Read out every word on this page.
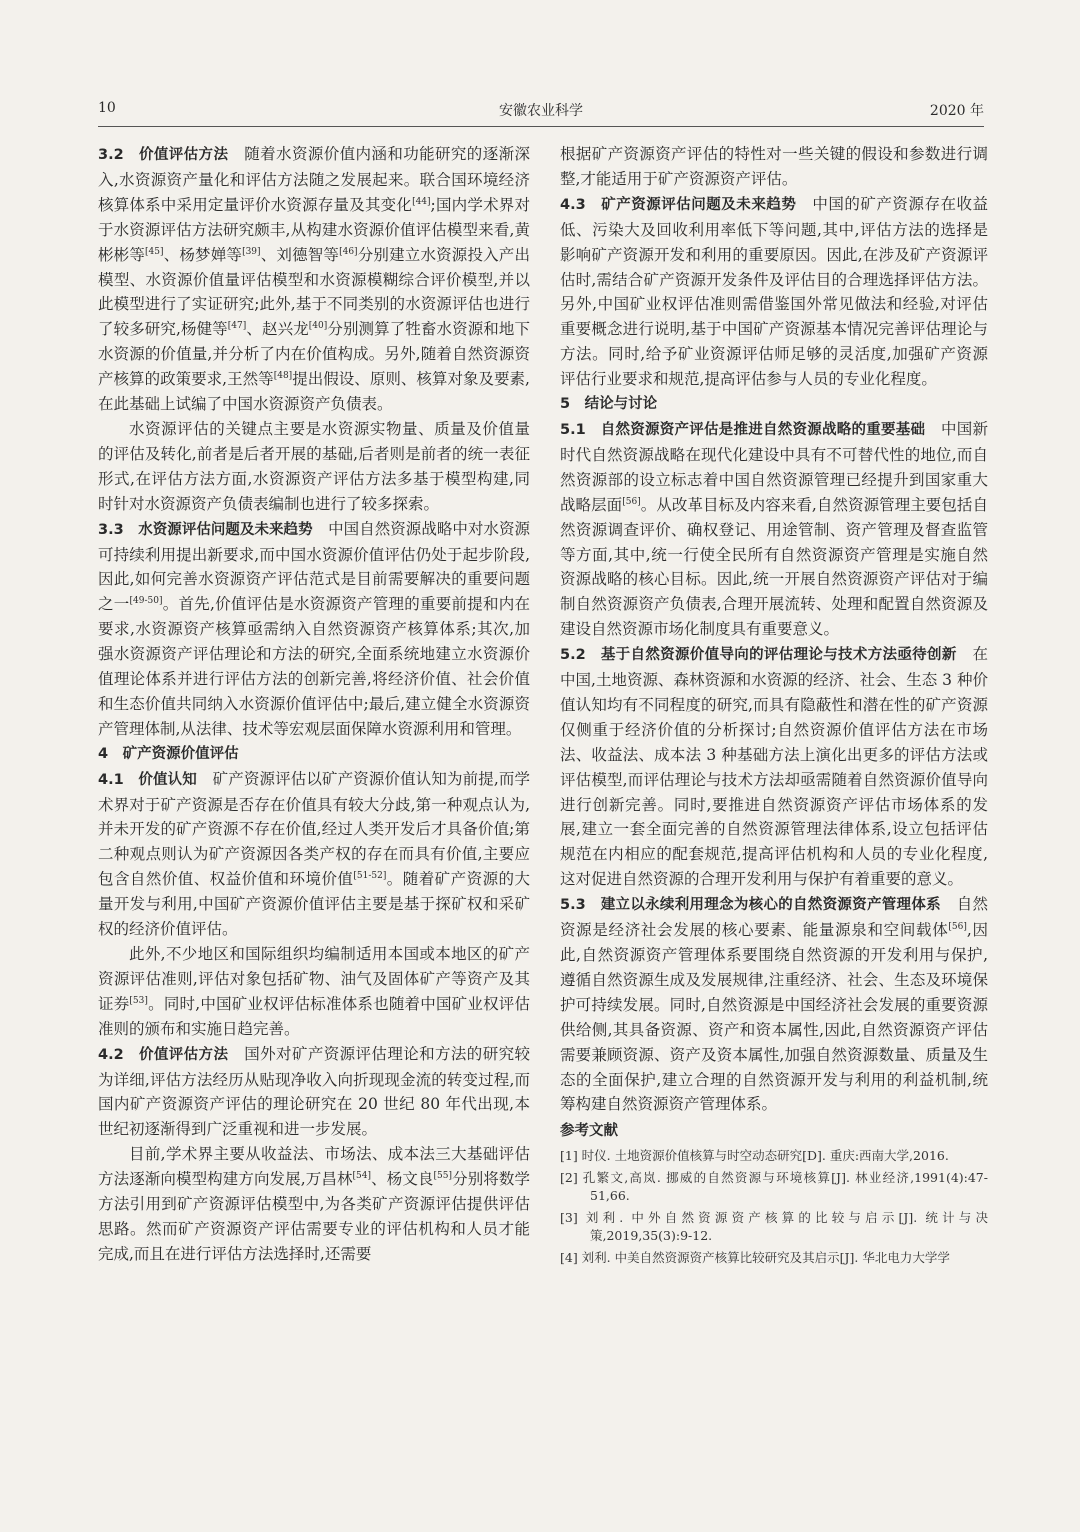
10	安徽农业科学	2020 年

3.2　价值评估方法　随着水资源价值内涵和功能研究的逐渐深入,水资源资产量化和评估方法随之发展起来。联合国环境经济核算体系中采用定量评价水资源存量及其变化[44];国内学术界对于水资源评估方法研究颇丰,从构建水资源价值评估模型来看,黄彬彬等[45]、杨梦婵等[39]、刘德智等[46]分别建立水资源投入产出模型、水资源价值量评估模型和水资源模糊综合评价模型,并以此模型进行了实证研究;此外,基于不同类别的水资源评估也进行了较多研究,杨健等[47]、赵兴龙[40]分别测算了牲畜水资源和地下水资源的价值量,并分析了内在价值构成。另外,随着自然资源资产核算的政策要求,王然等[48]提出假设、原则、核算对象及要素,在此基础上试编了中国水资源资产负债表。

水资源评估的关键点主要是水资源实物量、质量及价值量的评估及转化,前者是后者开展的基础,后者则是前者的统一表征形式,在评估方法方面,水资源资产评估方法多基于模型构建,同时针对水资源资产负债表编制也进行了较多探索。

3.3　水资源评估问题及未来趋势　中国自然资源战略中对水资源可持续利用提出新要求,而中国水资源价值评估仍处于起步阶段,因此,如何完善水资源资产评估范式是目前需要解决的重要问题之一[49-50]。首先,价值评估是水资源资产管理的重要前提和内在要求,水资源资产核算亟需纳入自然资源资产核算体系;其次,加强水资源资产评估理论和方法的研究,全面系统地建立水资源价值理论体系并进行评估方法的创新完善,将经济价值、社会价值和生态价值共同纳入水资源价值评估中;最后,建立健全水资源资产管理体制,从法律、技术等宏观层面保障水资源利用和管理。

4　矿产资源价值评估

4.1　价值认知　矿产资源评估以矿产资源价值认知为前提,而学术界对于矿产资源是否存在价值具有较大分歧,第一种观点认为,并未开发的矿产资源不存在价值,经过人类开发后才具备价值;第二种观点则认为矿产资源因各类产权的存在而具有价值,主要应包含自然价值、权益价值和环境价值[51-52]。随着矿产资源的大量开发与利用,中国矿产资源价值评估主要是基于探矿权和采矿权的经济价值评估。

此外,不少地区和国际组织均编制适用本国或本地区的矿产资源评估准则,评估对象包括矿物、油气及固体矿产等资产及其证券[53]。同时,中国矿业权评估标准体系也随着中国矿业权评估准则的颁布和实施日趋完善。

4.2　价值评估方法　国外对矿产资源评估理论和方法的研究较为详细,评估方法经历从贴现净收入向折现现金流的转变过程,而国内矿产资源资产评估的理论研究在 20 世纪 80 年代出现,本世纪初逐渐得到广泛重视和进一步发展。

目前,学术界主要从收益法、市场法、成本法三大基础评估方法逐渐向模型构建方向发展,万昌林[54]、杨文良[55]分别将数学方法引用到矿产资源评估模型中,为各类矿产资源评估提供评估思路。然而矿产资源资产评估需要专业的评估机构和人员才能完成,而且在进行评估方法选择时,还需要

根据矿产资源资产评估的特性对一些关键的假设和参数进行调整,才能适用于矿产资源资产评估。

4.3　矿产资源评估问题及未来趋势　中国的矿产资源存在收益低、污染大及回收利用率低下等问题,其中,评估方法的选择是影响矿产资源开发和利用的重要原因。因此,在涉及矿产资源评估时,需结合矿产资源开发条件及评估目的合理选择评估方法。另外,中国矿业权评估准则需借鉴国外常见做法和经验,对评估重要概念进行说明,基于中国矿产资源基本情况完善评估理论与方法。同时,给予矿业资源评估师足够的灵活度,加强矿产资源评估行业要求和规范,提高评估参与人员的专业化程度。

5　结论与讨论

5.1　自然资源资产评估是推进自然资源战略的重要基础　中国新时代自然资源战略在现代化建设中具有不可替代性的地位,而自然资源部的设立标志着中国自然资源管理已经提升到国家重大战略层面[56]。从改革目标及内容来看,自然资源管理主要包括自然资源调查评价、确权登记、用途管制、资产管理及督查监管等方面,其中,统一行使全民所有自然资源资产管理是实施自然资源战略的核心目标。因此,统一开展自然资源资产评估对于编制自然资源资产负债表,合理开展流转、处理和配置自然资源及建设自然资源市场化制度具有重要意义。

5.2　基于自然资源价值导向的评估理论与技术方法亟待创新　在中国,土地资源、森林资源和水资源的经济、社会、生态 3 种价值认知均有不同程度的研究,而具有隐蔽性和潜在性的矿产资源仅侧重于经济价值的分析探讨;自然资源价值评估方法在市场法、收益法、成本法 3 种基础方法上演化出更多的评估方法或评估模型,而评估理论与技术方法却亟需随着自然资源价值导向进行创新完善。同时,要推进自然资源资产评估市场体系的发展,建立一套全面完善的自然资源管理法律体系,设立包括评估规范在内相应的配套规范,提高评估机构和人员的专业化程度,这对促进自然资源的合理开发利用与保护有着重要的意义。

5.3　建立以永续利用理念为核心的自然资源资产管理体系　自然资源是经济社会发展的核心要素、能量源泉和空间载体[56],因此,自然资源资产管理体系要围绕自然资源的开发利用与保护,遵循自然资源生成及发展规律,注重经济、社会、生态及环境保护可持续发展。同时,自然资源是中国经济社会发展的重要资源供给侧,其具备资源、资产和资本属性,因此,自然资源资产评估需要兼顾资源、资产及资本属性,加强自然资源数量、质量及生态的全面保护,建立合理的自然资源开发与利用的利益机制,统筹构建自然资源资产管理体系。

参考文献

[1] 时仪. 土地资源价值核算与时空动态研究[D]. 重庆:西南大学,2016.

[2] 孔繁文,高岚. 挪威的自然资源与环境核算[J]. 林业经济,1991(4):47-51,66.

[3] 刘利. 中外自然资源资产核算的比较与启示[J]. 统计与决策,2019,35(3):9-12.

[4] 刘利. 中美自然资源资产核算比较研究及其启示[J]. 华北电力大学学
